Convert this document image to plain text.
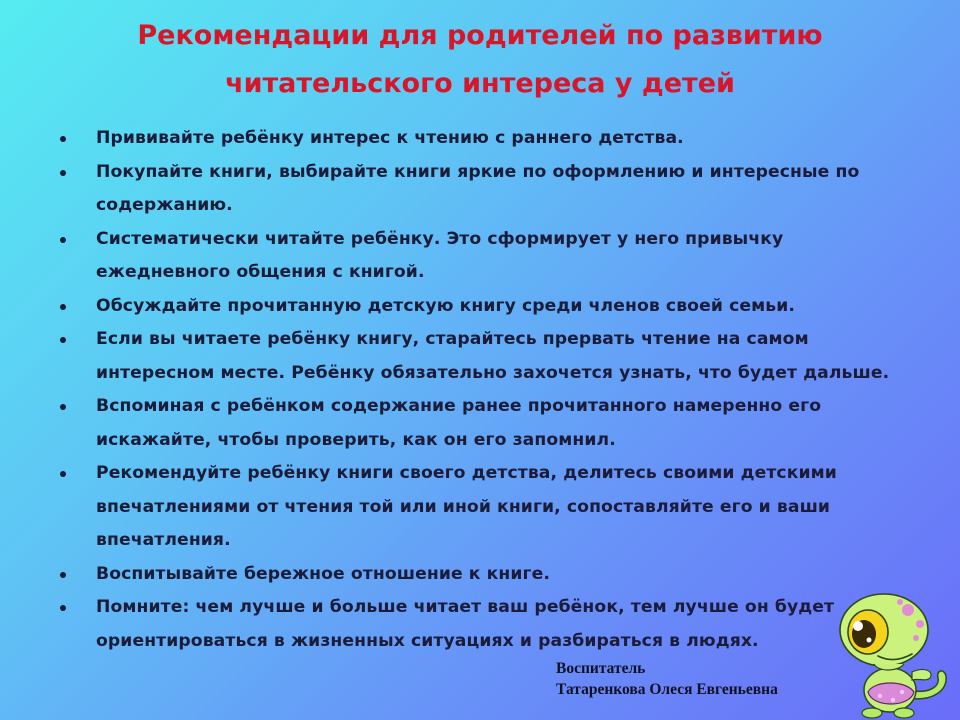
Рекомендации для родителей по развитию
читательского интереса у детей
Прививайте ребёнку интерес к чтению с раннего детства.
Покупайте книги, выбирайте книги яркие по оформлению и интересные по содержанию.
Систематически читайте ребёнку. Это сформирует у него привычку ежедневного общения с книгой.
Обсуждайте прочитанную детскую книгу среди членов своей семьи.
Если вы читаете ребёнку книгу, старайтесь прервать чтение на самом интересном месте. Ребёнку обязательно захочется узнать, что будет дальше.
Вспоминая с ребёнком содержание ранее прочитанного намеренно его искажайте, чтобы проверить, как он его запомнил.
Рекомендуйте ребёнку книги своего детства, делитесь своими детскими впечатлениями от чтения той или иной книги, сопоставляйте его и ваши впечатления.
Воспитывайте бережное отношение к книге.
Помните: чем лучше и больше читает ваш ребёнок, тем лучше он будет ориентироваться в жизненных ситуациях и разбираться в людях.
Воспитатель
Татаренкова Олеся Евгеньевна
